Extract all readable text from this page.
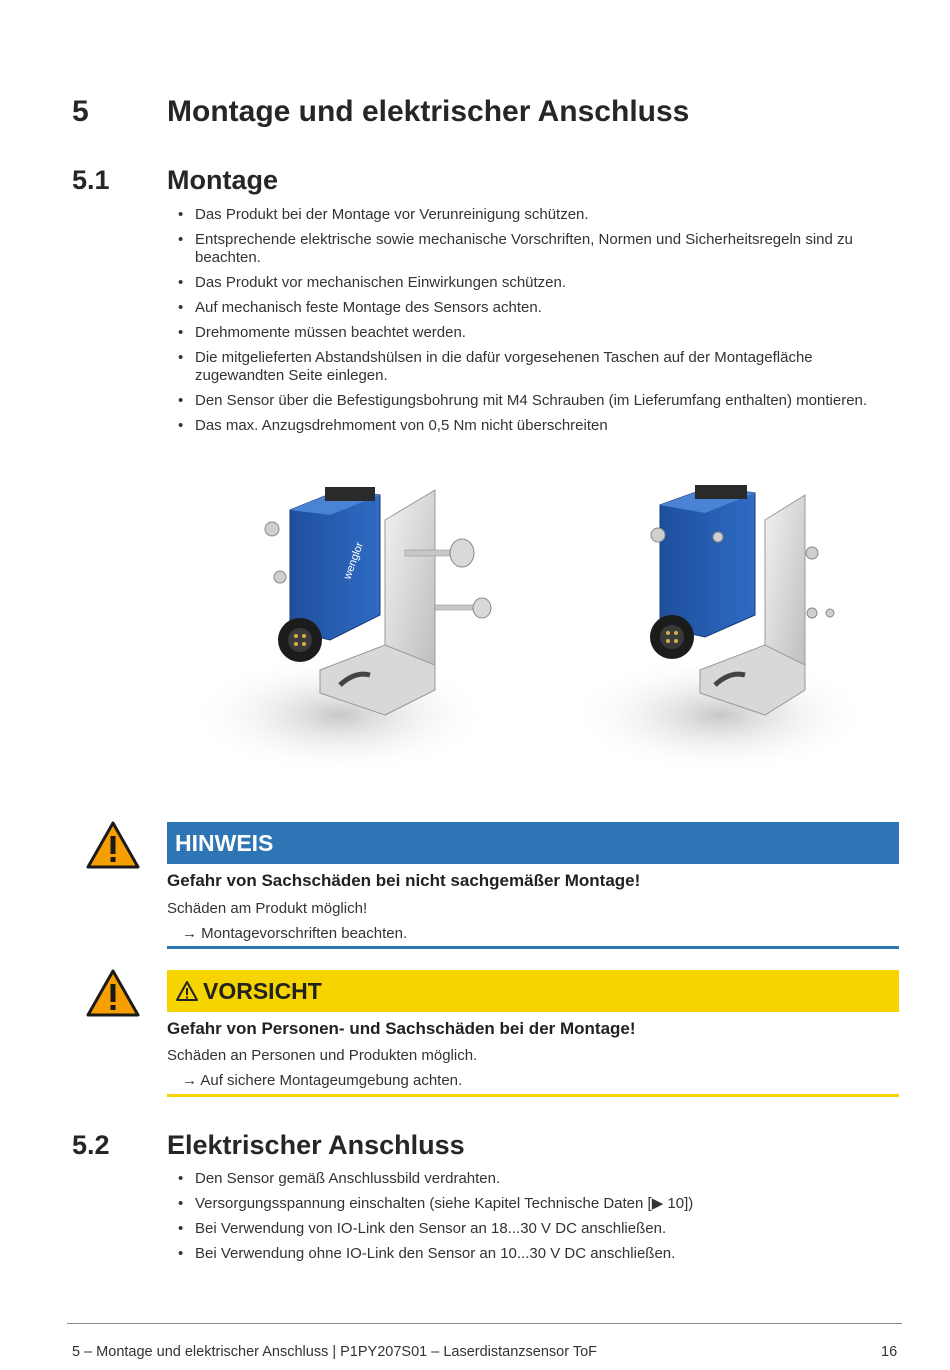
5	Montage und elektrischer Anschluss
5.1 Montage
• Das Produkt bei der Montage vor Verunreinigung schützen.
• Entsprechende elektrische sowie mechanische Vorschriften, Normen und Sicherheitsregeln sind zu beachten.
• Das Produkt vor mechanischen Einwirkungen schützen.
• Auf mechanisch feste Montage des Sensors achten.
• Drehmomente müssen beachtet werden.
• Die mitgelieferten Abstandshülsen in die dafür vorgesehenen Taschen auf der Montagefläche zugewandten Seite einlegen.
• Den Sensor über die Befestigungsbohrung mit M4 Schrauben (im Lieferumfang enthalten) montieren.
• Das max. Anzugsdrehmoment von 0,5 Nm nicht überschreiten
wenglor
HINWEIS
Gefahr von Sachschäden bei nicht sachgemäßer Montage!
Schäden am Produkt möglich!
→ Montagevorschriften beachten.
VORSICHT
Gefahr von Personen- und Sachschäden bei der Montage!
Schäden an Personen und Produkten möglich.
→ Auf sichere Montageumgebung achten.
5.2 Elektrischer Anschluss
• Den Sensor gemäß Anschlussbild verdrahten.
• Versorgungsspannung einschalten (siehe Kapitel Technische Daten [▶ 10])
• Bei Verwendung von IO-Link den Sensor an 18...30 V DC anschließen.
• Bei Verwendung ohne IO-Link den Sensor an 10...30 V DC anschließen.
5 – Montage und elektrischer Anschluss | P1PY207S01 – Laserdistanzsensor ToF	16
